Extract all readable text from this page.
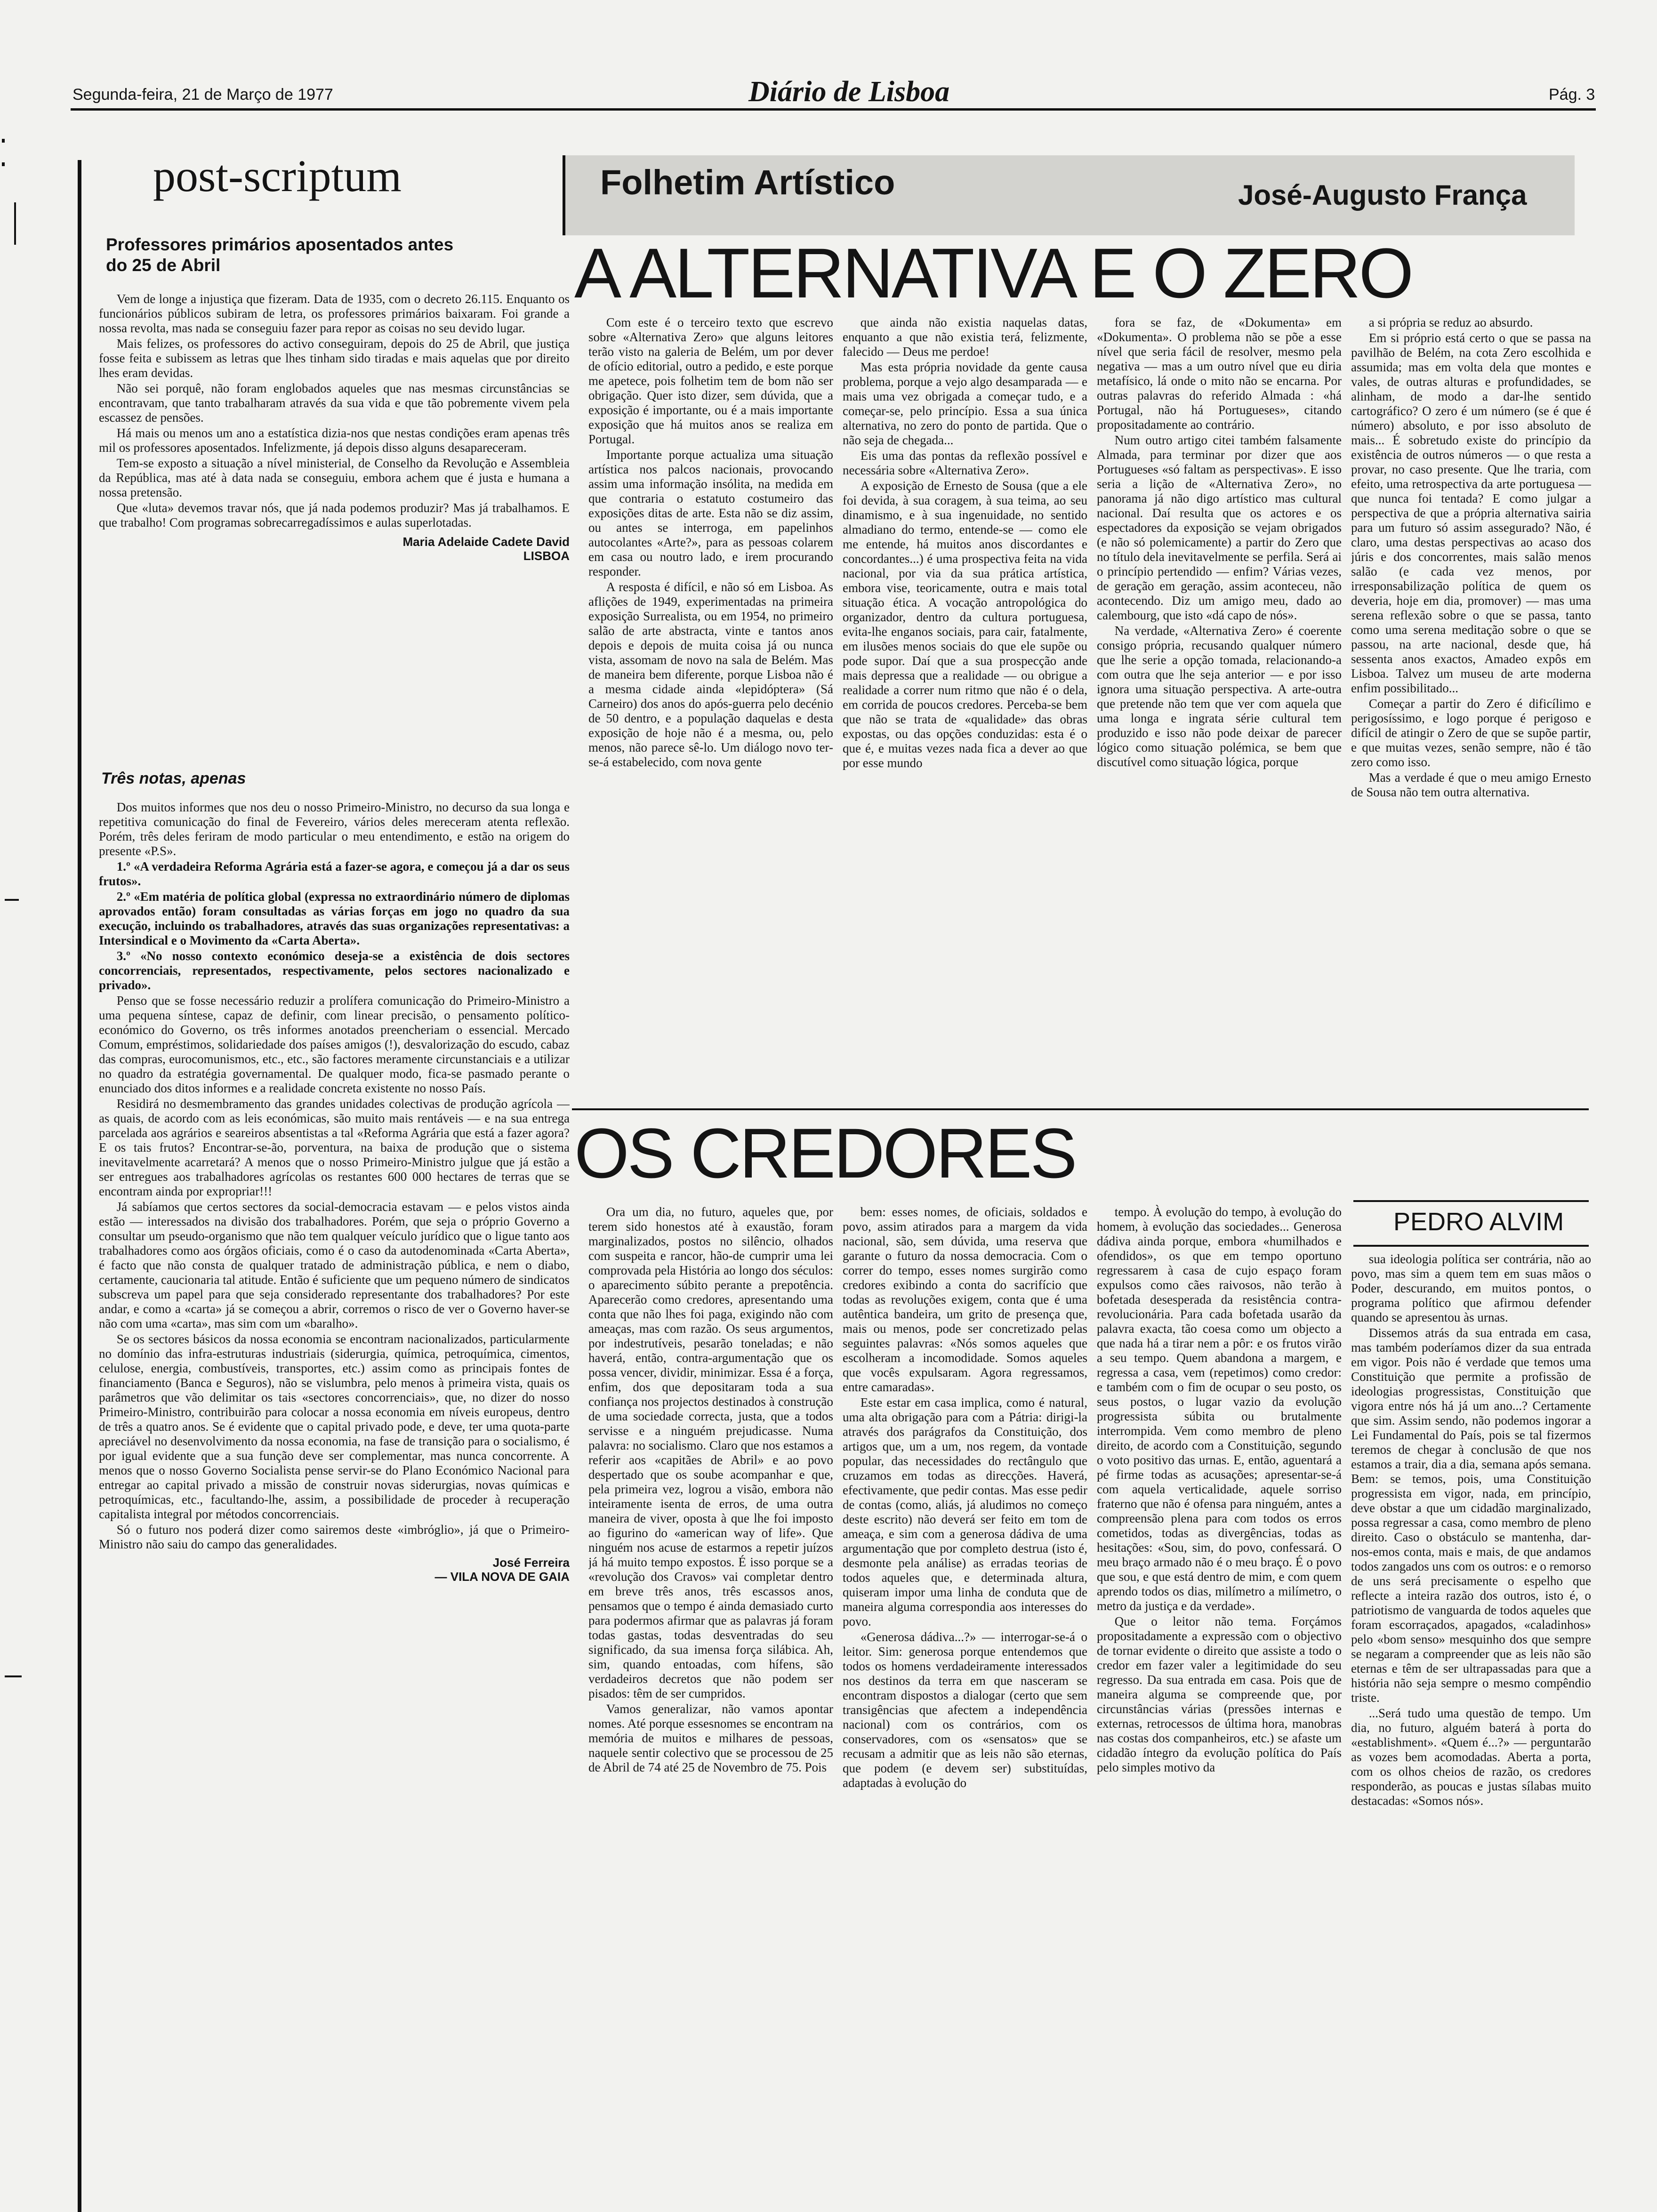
Segunda-feira, 21 de Março de 1977	Diário de Lisboa	Pág. 3
post-scriptum
Professores primários aposentados antes do 25 de Abril

Vem de longe a injustiça que fizeram. Data de 1935, com o decreto 26.115. Enquanto os funcionários públicos subiram de letra, os professores primários baixaram. Foi grande a nossa revolta, mas nada se conseguiu fazer para repor as coisas no seu devido lugar.

Mais felizes, os professores do activo conseguiram, depois do 25 de Abril, que justiça fosse feita e subissem as letras que lhes tinham sido tiradas e mais aquelas que por direito lhes eram devidas.

Não sei porquê, não foram englobados aqueles que nas mesmas circunstâncias se encontravam, que tanto trabalharam através da sua vida e que tão pobremente vivem pela escassez de pensões.

Há mais ou menos um ano a estatística dizia-nos que nestas condições eram apenas três mil os professores aposentados. Infelizmente, já depois disso alguns desapareceram.

Tem-se exposto a situação a nível ministerial, de Conselho da Revolução e Assembleia da República, mas até à data nada se conseguiu, embora achem que é justa e humana a nossa pretensão.

Que «luta» devemos travar nós, que já nada podemos produzir? Mas já trabalhamos. E que trabalho! Com programas sobrecarregadíssimos e aulas superlotadas.

Maria Adelaide Cadete David
LISBOA
Três notas, apenas

Dos muitos informes que nos deu o nosso Primeiro-Ministro, no decurso da sua longa e repetitiva comunicação do final de Fevereiro, vários deles mereceram atenta reflexão. Porém, três deles feriram de modo particular o meu entendimento, e estão na origem do presente «P.S».

1.º «A verdadeira Reforma Agrária está a fazer-se agora, e começou já a dar os seus frutos».

2.º «Em matéria de política global (expressa no extraordinário número de diplomas aprovados então) foram consultadas as várias forças em jogo no quadro da sua execução, incluindo os trabalhadores, através das suas organizações representativas: a Intersindical e o Movimento da «Carta Aberta».

3.º «No nosso contexto económico deseja-se a existência de dois sectores concorrenciais, representados, respectivamente, pelos sectores nacionalizado e privado».

Penso que se fosse necessário reduzir a prolífera comunicação do Primeiro-Ministro a uma pequena síntese, capaz de definir, com linear precisão, o pensamento político-económico do Governo, os três informes anotados preencheriam o essencial. Mercado Comum, empréstimos, solidariedade dos países amigos (!), desvalorização do escudo, cabaz das compras, eurocomunismos, etc., etc., são factores meramente circunstanciais e a utilizar no quadro da estratégia governamental. De qualquer modo, fica-se pasmado perante o enunciado dos ditos informes e a realidade concreta existente no nosso País.

Residirá no desmembramento das grandes unidades colectivas de produção agrícola — as quais, de acordo com as leis económicas, são muito mais rentáveis — e na sua entrega parcelada aos agrários e seareiros absentistas a tal «Reforma Agrária que está a fazer agora? E os tais frutos? Encontrar-se-ão, porventura, na baixa de produção que o sistema inevitavelmente acarretará? A menos que o nosso Primeiro-Ministro julgue que já estão a ser entregues aos trabalhadores agrícolas os restantes 600 000 hectares de terras que se encontram ainda por expropriar!!!

Já sabíamos que certos sectores da social-democracia estavam — e pelos vistos ainda estão — interessados na divisão dos trabalhadores. Porém, que seja o próprio Governo a consultar um pseudo-organismo que não tem qualquer veículo jurídico que o ligue tanto aos trabalhadores como aos órgãos oficiais, como é o caso da autodenominada «Carta Aberta», é facto que não consta de qualquer tratado de administração pública, e nem o diabo, certamente, caucionaria tal atitude. Então é suficiente que um pequeno número de sindicatos subscreva um papel para que seja considerado representante dos trabalhadores? Por este andar, e como a «carta» já se começou a abrir, corremos o risco de ver o Governo haver-se não com uma «carta», mas sim com um «baralho».

Se os sectores básicos da nossa economia se encontram nacionalizados, particularmente no domínio das infra-estruturas industriais (siderurgia, química, petroquímica, cimentos, celulose, energia, combustíveis, transportes, etc.) assim como as principais fontes de financiamento (Banca e Seguros), não se vislumbra, pelo menos à primeira vista, quais os parâmetros que vão delimitar os tais «sectores concorrenciais», que, no dizer do nosso Primeiro-Ministro, contribuirão para colocar a nossa economia em níveis europeus, dentro de três a quatro anos. Se é evidente que o capital privado pode, e deve, ter uma quota-parte apreciável no desenvolvimento da nossa economia, na fase de transição para o socialismo, é por igual evidente que a sua função deve ser complementar, mas nunca concorrente. A menos que o nosso Governo Socialista pense servir-se do Plano Económico Nacional para entregar ao capital privado a missão de construir novas siderurgias, novas químicas e petroquímicas, etc., facultando-lhe, assim, a possibilidade de proceder à recuperação capitalista integral por métodos concorrenciais.

Só o futuro nos poderá dizer como sairemos deste «imbróglio», já que o Primeiro-Ministro não saiu do campo das generalidades.

José Ferreira
— VILA NOVA DE GAIA
Folhetim Artístico	José-Augusto França
A ALTERNATIVA E O ZERO

Com este é o terceiro texto que escrevo sobre «Alternativa Zero» que alguns leitores terão visto na galeria de Belém, um por dever de ofício editorial, outro a pedido, e este porque me apetece, pois folhetim tem de bom não ser obrigação. Quer isto dizer, sem dúvida, que a exposição é importante, ou é a mais importante exposição que há muitos anos se realiza em Portugal.

Importante porque actualiza uma situação artística nos palcos nacionais, provocando assim uma informação insólita, na medida em que contraria o estatuto costumeiro das exposições ditas de arte. Esta não se diz assim, ou antes se interroga, em papelinhos autocolantes «Arte?», para as pessoas colarem em casa ou noutro lado, e irem procurando responder.

A resposta é difícil, e não só em Lisboa. As aflições de 1949, experimentadas na primeira exposição Surrealista, ou em 1954, no primeiro salão de arte abstracta, vinte e tantos anos depois e depois de muita coisa já ou nunca vista, assomam de novo na sala de Belém. Mas de maneira bem diferente, porque Lisboa não é a mesma cidade ainda «lepidóptera» (Sá Carneiro) dos anos do após-guerra pelo decénio de 50 dentro, e a população daquelas e desta exposição de hoje não é a mesma, ou, pelo menos, não parece sê-lo. Um diálogo novo ter-se-á estabelecido, com nova gente

que ainda não existia naquelas datas, enquanto a que não existia terá, felizmente, falecido — Deus me perdoe!

Mas esta própria novidade da gente causa problema, porque a vejo algo desamparada — e mais uma vez obrigada a começar tudo, e a começar-se, pelo princípio. Essa a sua única alternativa, no zero do ponto de partida. Que o não seja de chegada...

Eis uma das pontas da reflexão possível e necessária sobre «Alternativa Zero».

A exposição de Ernesto de Sousa (que a ele foi devida, à sua coragem, à sua teima, ao seu dinamismo, e à sua ingenuidade, no sentido almadiano do termo, entende-se — como ele me entende, há muitos anos discordantes e concordantes...) é uma prospectiva feita na vida nacional, por via da sua prática artística, embora vise, teoricamente, outra e mais total situação ética. A vocação antropológica do organizador, dentro da cultura portuguesa, evita-lhe enganos sociais, para cair, fatalmente, em ilusões menos sociais do que ele supõe ou pode supor. Daí que a sua prospecção ande mais depressa que a realidade — ou obrigue a realidade a correr num ritmo que não é o dela, em corrida de poucos credores. Perceba-se bem que não se trata de «qualidade» das obras expostas, ou das opções conduzidas: esta é o que é, e muitas vezes nada fica a dever ao que por esse mundo

fora se faz, de «Dokumenta» em «Dokumenta». O problema não se põe a esse nível que seria fácil de resolver, mesmo pela negativa — mas a um outro nível que eu diria metafísico, lá onde o mito não se encarna. Por outras palavras do referido Almada : «há Portugal, não há Portugueses», citando propositadamente ao contrário.

Num outro artigo citei também falsamente Almada, para terminar por dizer que aos Portugueses «só faltam as perspectivas». E isso seria a lição de «Alternativa Zero», no panorama já não digo artístico mas cultural nacional. Daí resulta que os actores e os espectadores da exposição se vejam obrigados (e não só polemicamente) a partir do Zero que no título dela inevitavelmente se perfila. Será ai o princípio pertendido — enfim? Várias vezes, de geração em geração, assim aconteceu, não acontecendo. Diz um amigo meu, dado ao calembourg, que isto «dá capo de nós».

Na verdade, «Alternativa Zero» é coerente consigo própria, recusando qualquer número que lhe serie a opção tomada, relacionando-a com outra que lhe seja anterior — e por isso ignora uma situação perspectiva. A arte-outra que pretende não tem que ver com aquela que uma longa e ingrata série cultural tem produzido e isso não pode deixar de parecer lógico como situação polémica, se bem que discutível como situação lógica, porque

a si própria se reduz ao absurdo.

Em si próprio está certo o que se passa na pavilhão de Belém, na cota Zero escolhida e assumida; mas em volta dela que montes e vales, de outras alturas e profundidades, se alinham, de modo a dar-lhe sentido cartográfico? O zero é um número (se é que é número) absoluto, e por isso absoluto de mais... É sobretudo existe do princípio da existência de outros números — o que resta a provar, no caso presente. Que lhe traria, com efeito, uma retrospectiva da arte portuguesa — que nunca foi tentada? E como julgar a perspectiva de que a própria alternativa sairia para um futuro só assim assegurado? Não, é claro, uma destas perspectivas ao acaso dos júris e dos concorrentes, mais salão menos salão (e cada vez menos, por irresponsabilização política de quem os deveria, hoje em dia, promover) — mas uma serena reflexão sobre o que se passa, tanto como uma serena meditação sobre o que se passou, na arte nacional, desde que, há sessenta anos exactos, Amadeo expôs em Lisboa. Talvez um museu de arte moderna enfim possibilitado...

Começar a partir do Zero é dificílimo e perigosíssimo, e logo porque é perigoso e difícil de atingir o Zero de que se supõe partir, e que muitas vezes, senão sempre, não é tão zero como isso.

Mas a verdade é que o meu amigo Ernesto de Sousa não tem outra alternativa.

OS CREDORES
PEDRO ALVIM

Ora um dia, no futuro, aqueles que, por terem sido honestos até à exaustão, foram marginalizados, postos no silêncio, olhados com suspeita e rancor, hão-de cumprir uma lei comprovada pela História ao longo dos séculos: o aparecimento súbito perante a prepotência. Aparecerão como credores, apresentando uma conta que não lhes foi paga, exigindo não com ameaças, mas com razão. Os seus argumentos, por indestrutíveis, pesarão toneladas; e não haverá, então, contra-argumentação que os possa vencer, dividir, minimizar. Essa é a força, enfim, dos que depositaram toda a sua confiança nos projectos destinados à construção de uma sociedade correcta, justa, que a todos servisse e a ninguém prejudicasse. Numa palavra: no socialismo. Claro que nos estamos a referir aos «capitães de Abril» e ao povo despertado que os soube acompanhar e que, pela primeira vez, logrou a visão, embora não inteiramente isenta de erros, de uma outra maneira de viver, oposta à que lhe foi imposto ao figurino do «american way of life». Que ninguém nos acuse de estarmos a repetir juízos já há muito tempo expostos. É isso porque se a «revolução dos Cravos» vai completar dentro em breve três anos, três escassos anos, pensamos que o tempo é ainda demasiado curto para podermos afirmar que as palavras já foram todas gastas, todas desventradas do seu significado, da sua imensa força silábica. Ah, sim, quando entoadas, com hífens, são verdadeiros decretos que não podem ser pisados: têm de ser cumpridos.

Vamos generalizar, não vamos apontar nomes. Até porque essesnomes se encontram na memória de muitos e milhares de pessoas, naquele sentir colectivo que se processou de 25 de Abril de 74 até 25 de Novembro de 75. Pois

bem: esses nomes, de oficiais, soldados e povo, assim atirados para a margem da vida nacional, são, sem dúvida, uma reserva que garante o futuro da nossa democracia. Com o correr do tempo, esses nomes surgirão como credores exibindo a conta do sacrifício que todas as revoluções exigem, conta que é uma autêntica bandeira, um grito de presença que, mais ou menos, pode ser concretizado pelas seguintes palavras: «Nós somos aqueles que escolheram a incomodidade. Somos aqueles que vocês expulsaram. Agora regressamos, entre camaradas».

Este estar em casa implica, como é natural, uma alta obrigação para com a Pátria: dirigi-la através dos parágrafos da Constituição, dos artigos que, um a um, nos regem, da vontade popular, das necessidades do rectângulo que cruzamos em todas as direcções. Haverá, efectivamente, que pedir contas. Mas esse pedir de contas (como, aliás, já aludimos no começo deste escrito) não deverá ser feito em tom de ameaça, e sim com a generosa dádiva de uma argumentação que por completo destrua (isto é, desmonte pela análise) as erradas teorias de todos aqueles que, e determinada altura, quiseram impor uma linha de conduta que de maneira alguma correspondia aos interesses do povo.

«Generosa dádiva...?» — interrogar-se-á o leitor. Sim: generosa porque entendemos que todos os homens verdadeiramente interessados nos destinos da terra em que nasceram se encontram dispostos a dialogar (certo que sem transigências que afectem a independência nacional) com os contrários, com os conservadores, com os «sensatos» que se recusam a admitir que as leis não são eternas, que podem (e devem ser) substituídas, adaptadas à evolução do

tempo. À evolução do tempo, à evolução do homem, à evolução das sociedades... Generosa dádiva ainda porque, embora «humilhados e ofendidos», os que em tempo oportuno regressarem à casa de cujo espaço foram expulsos como cães raivosos, não terão à bofetada desesperada da resistência contra-revolucionária. Para cada bofetada usarão da palavra exacta, tão coesa como um objecto a que nada há a tirar nem a pôr: e os frutos virão a seu tempo. Quem abandona a margem, e regressa a casa, vem (repetimos) como credor: e também com o fim de ocupar o seu posto, os seus postos, o lugar vazio da evolução progressista súbita ou brutalmente interrompida. Vem como membro de pleno direito, de acordo com a Constituição, segundo o voto positivo das urnas. E, então, aguentará a pé firme todas as acusações; apresentar-se-á com aquela verticalidade, aquele sorriso fraterno que não é ofensa para ninguém, antes a compreensão plena para com todos os erros cometidos, todas as divergências, todas as hesitações: «Sou, sim, do povo, confessará. O meu braço armado não é o meu braço. É o povo que sou, e que está dentro de mim, e com quem aprendo todos os dias, milímetro a milímetro, o metro da justiça e da verdade».

Que o leitor não tema. Forçámos propositadamente a expressão com o objectivo de tornar evidente o direito que assiste a todo o credor em fazer valer a legitimidade do seu regresso. Da sua entrada em casa. Pois que de maneira alguma se compreende que, por circunstâncias várias (pressões internas e externas, retrocessos de última hora, manobras nas costas dos companheiros, etc.) se afaste um cidadão íntegro da evolução política do País pelo simples motivo da

sua ideologia política ser contrária, não ao povo, mas sim a quem tem em suas mãos o Poder, descurando, em muitos pontos, o programa político que afirmou defender quando se apresentou às urnas.

Dissemos atrás da sua entrada em casa, mas também poderíamos dizer da sua entrada em vigor. Pois não é verdade que temos uma Constituição que permite a profissão de ideologias progressistas, Constituição que vigora entre nós há já um ano...? Certamente que sim. Assim sendo, não podemos ingorar a Lei Fundamental do País, pois se tal fizermos teremos de chegar à conclusão de que nos estamos a trair, dia a dia, semana após semana. Bem: se temos, pois, uma Constituição progressista em vigor, nada, em princípio, deve obstar a que um cidadão marginalizado, possa regressar a casa, como membro de pleno direito. Caso o obstáculo se mantenha, dar-nos-emos conta, mais e mais, de que andamos todos zangados uns com os outros: e o remorso de uns será precisamente o espelho que reflecte a inteira razão dos outros, isto é, o patriotismo de vanguarda de todos aqueles que foram escorraçados, apagados, «caladinhos» pelo «bom senso» mesquinho dos que sempre se negaram a compreender que as leis não são eternas e têm de ser ultrapassadas para que a história não seja sempre o mesmo compêndio triste.

...Será tudo uma questão de tempo. Um dia, no futuro, alguém baterá à porta do «establishment». «Quem é...?» — perguntarão as vozes bem acomodadas. Aberta a porta, com os olhos cheios de razão, os credores responderão, as poucas e justas sílabas muito destacadas: «Somos nós».
